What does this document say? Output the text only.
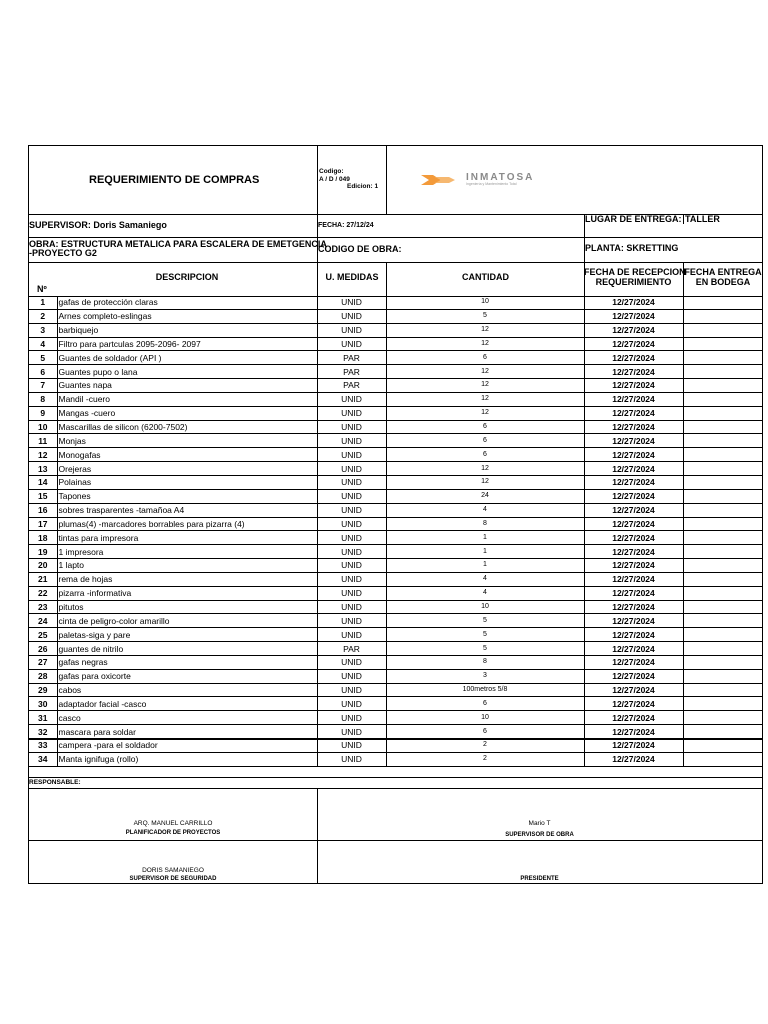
REQUERIMIENTO DE COMPRAS
Codigo:
A / D / 049
Edicion: 1
INMATOSA
Ingeniería y Mantenimiento Total
SUPERVISOR: Doris Samaniego	FECHA: 27/12/24
LUGAR DE ENTREGA: TALLER
OBRA: ESTRUCTURA METALICA PARA ESCALERA DE EMETGENCIA
-PROYECTO G2	CODIGO DE OBRA:	PLANTA: SKRETTING
Nº
DESCRIPCION	U. MEDIDAS	CANTIDAD	FECHA DE RECEPCION
REQUERIMIENTO
FECHA ENTREGA
EN BODEGA
1	gafas de protección claras	UNID	10	12/27/2024	
2	Arnes completo-eslingas	UNID	5	12/27/2024	
3	barbiquejo	UNID	12	12/27/2024	
4	Filtro para partculas 2095-2096- 2097	UNID	12	12/27/2024	
5	Guantes de soldador (API )	PAR	6	12/27/2024	
6	Guantes pupo o lana	PAR	12	12/27/2024	
7	Guantes napa	PAR	12	12/27/2024	
8	Mandil -cuero	UNID	12	12/27/2024	
9	Mangas -cuero	UNID	12	12/27/2024	
10	Mascarillas de silicon (6200-7502)	UNID	6	12/27/2024	
11	Monjas	UNID	6	12/27/2024	
12	Monogafas	UNID	6	12/27/2024	
13	Orejeras	UNID	12	12/27/2024	
14	Polainas	UNID	12	12/27/2024	
15	Tapones	UNID	24	12/27/2024	
16	sobres trasparentes -tamañoa A4	UNID	4	12/27/2024	
17	plumas(4) -marcadores borrables para pizarra (4)	UNID	8	12/27/2024	
18	tintas para impresora	UNID	1	12/27/2024	
19	1 impresora	UNID	1	12/27/2024	
20	1 lapto	UNID	1	12/27/2024	
21	rema de hojas	UNID	4	12/27/2024	
22	pizarra -informativa	UNID	4	12/27/2024	
23	pitutos	UNID	10	12/27/2024	
24	cinta de peligro-color amarillo	UNID	5	12/27/2024	
25	paletas-siga y pare	UNID	5	12/27/2024	
26	guantes de nitrilo	PAR	5	12/27/2024	
27	gafas negras	UNID	8	12/27/2024	
28	gafas para oxicorte	UNID	3	12/27/2024	
29	cabos	UNID	100metros 5/8	12/27/2024	
30	adaptador facial -casco	UNID	6	12/27/2024	
31	casco	UNID	10	12/27/2024	
32	mascara para soldar	UNID	6	12/27/2024	
33	campera -para el soldador	UNID	2	12/27/2024	
34	Manta ignifuga (rollo)	UNID	2	12/27/2024	
RESPONSABLE:
ARQ. MANUEL CARRILLO
PLANIFICADOR DE PROYECTOS
Mario T
SUPERVISOR DE OBRA
DORIS SAMANIEGO
SUPERVISOR DE SEGURIDAD	PRESIDENTE
